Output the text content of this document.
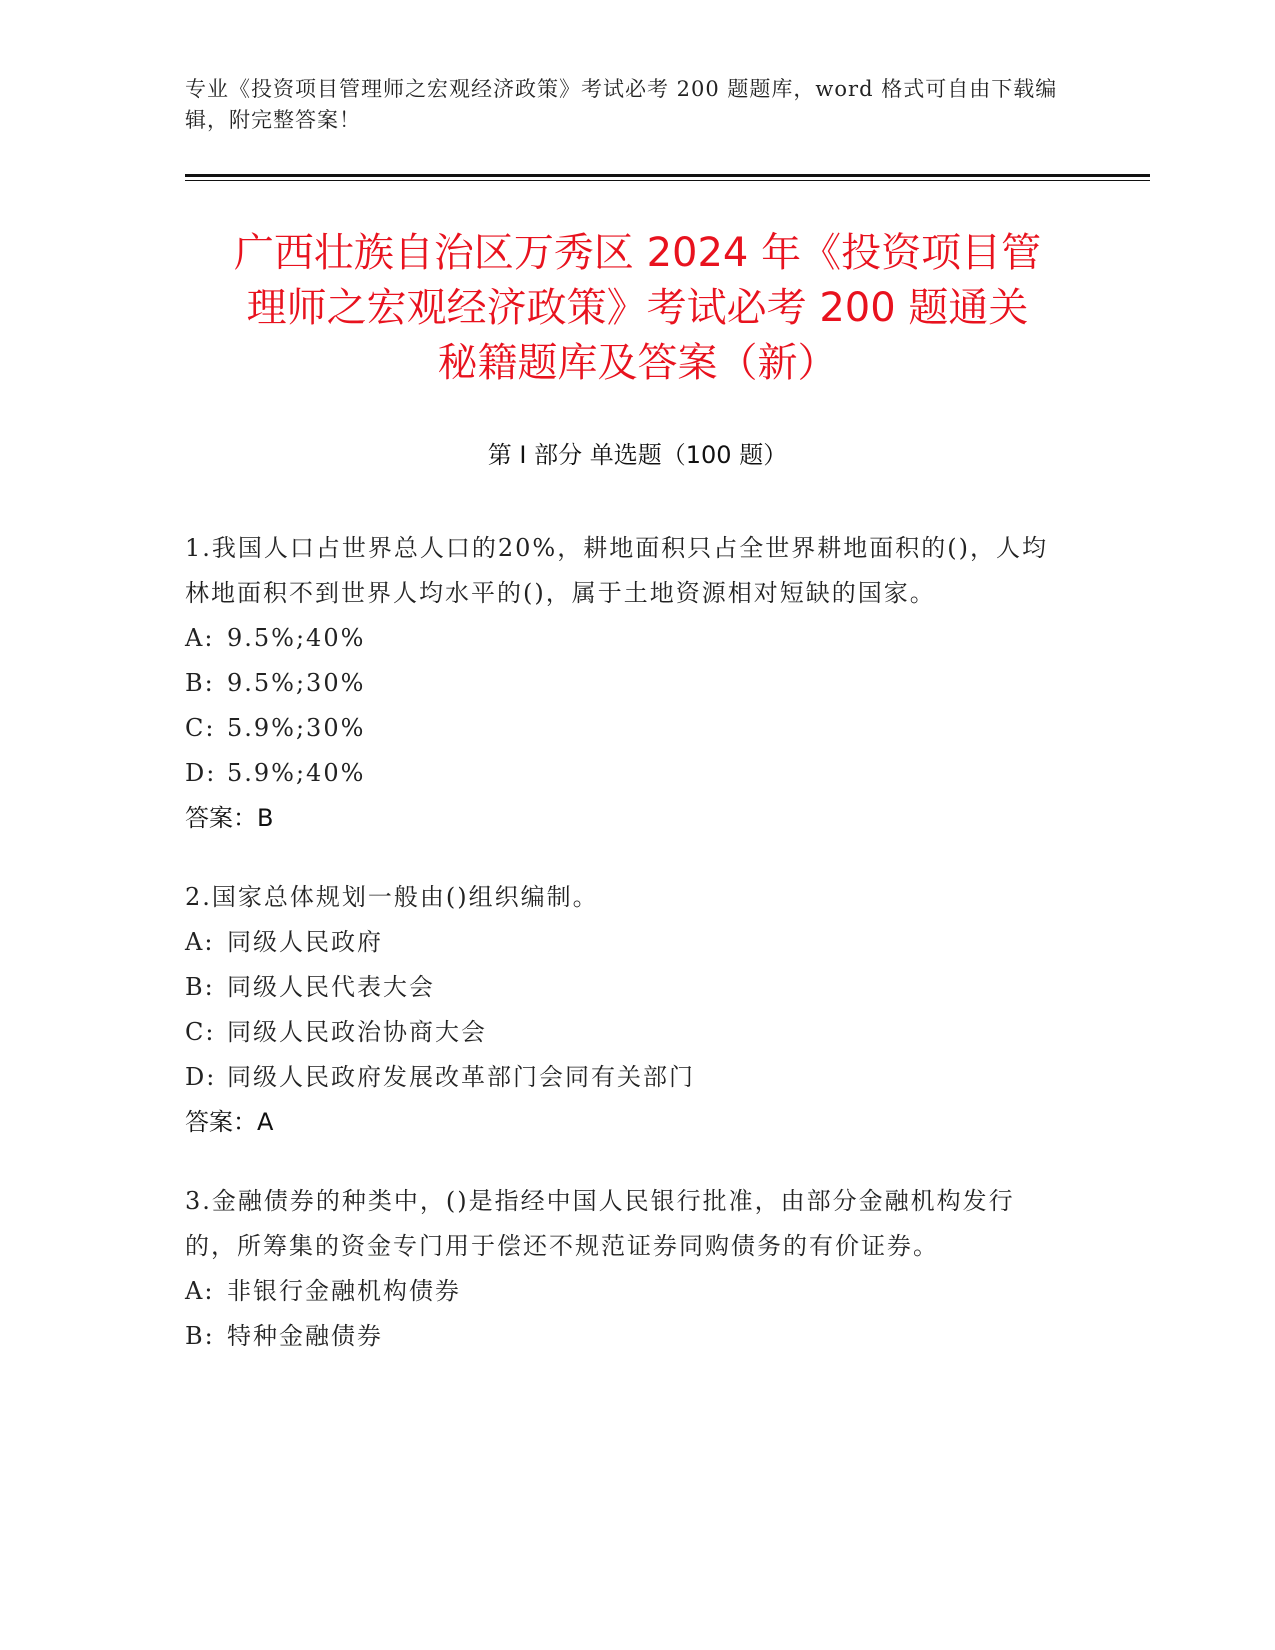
专业《投资项目管理师之宏观经济政策》考试必考 200 题题库，word 格式可自由下载编辑，附完整答案！
广西壮族自治区万秀区 2024 年《投资项目管
理师之宏观经济政策》考试必考 200 题通关
秘籍题库及答案（新）
第 I 部分 单选题（100 题）
1.我国人口占世界总人口的20%，耕地面积只占全世界耕地面积的()，人均林地面积不到世界人均水平的()，属于土地资源相对短缺的国家。
A: 9.5%;40%
B: 9.5%;30%
C: 5.9%;30%
D: 5.9%;40%
答案：B
2.国家总体规划一般由()组织编制。
A: 同级人民政府
B: 同级人民代表大会
C: 同级人民政治协商大会
D: 同级人民政府发展改革部门会同有关部门
答案：A
3.金融债券的种类中，()是指经中国人民银行批准，由部分金融机构发行的，所筹集的资金专门用于偿还不规范证券同购债务的有价证券。
A: 非银行金融机构债券
B: 特种金融债券
